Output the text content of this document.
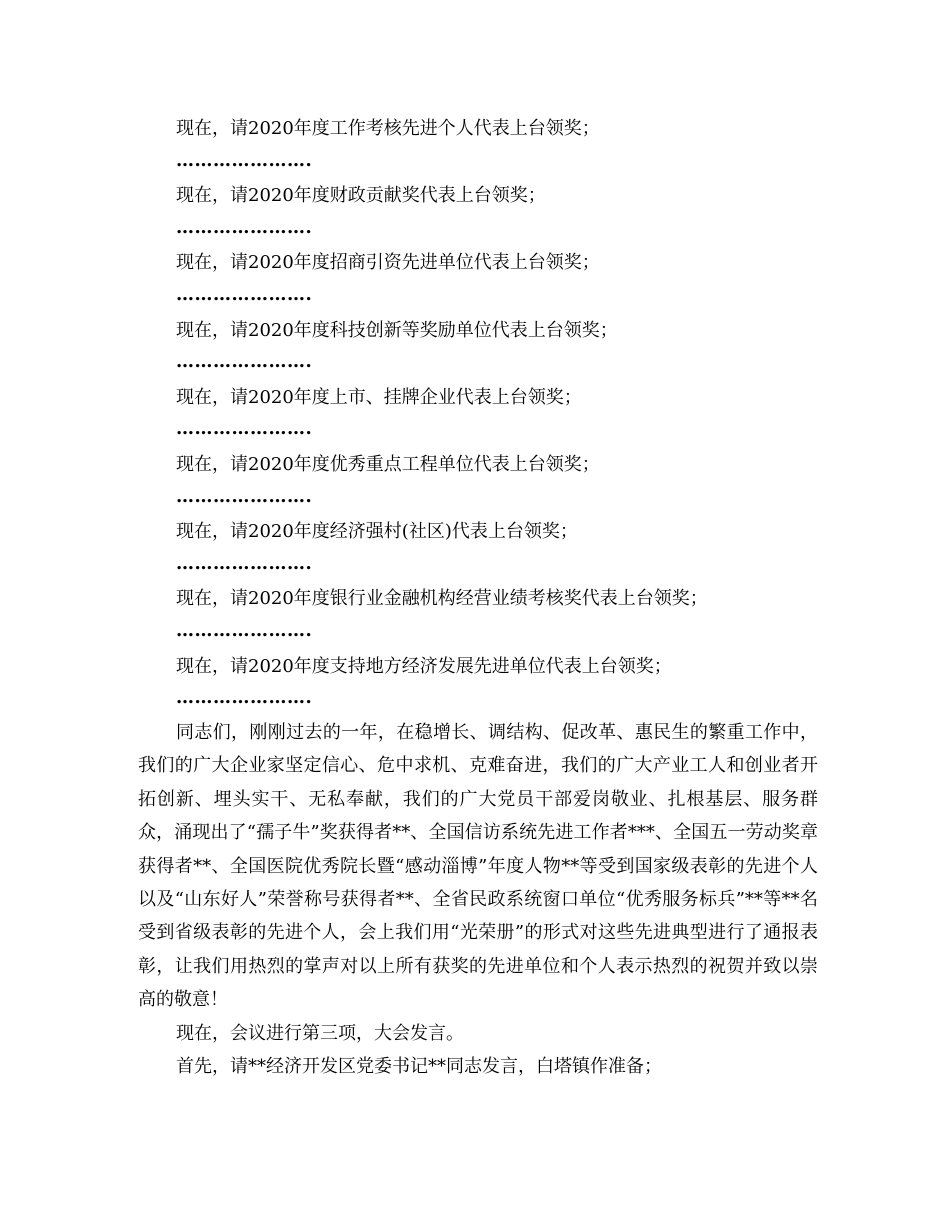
现在，请2020年度工作考核先进个人代表上台领奖；
………………….
现在，请2020年度财政贡献奖代表上台领奖；
………………….
现在，请2020年度招商引资先进单位代表上台领奖；
………………….
现在，请2020年度科技创新等奖励单位代表上台领奖；
………………….
现在，请2020年度上市、挂牌企业代表上台领奖；
………………….
现在，请2020年度优秀重点工程单位代表上台领奖；
………………….
现在，请2020年度经济强村(社区)代表上台领奖；
………………….
现在，请2020年度银行业金融机构经营业绩考核奖代表上台领奖；
………………….
现在，请2020年度支持地方经济发展先进单位代表上台领奖；
………………….

同志们，刚刚过去的一年，在稳增长、调结构、促改革、惠民生的繁重工作中，我们的广大企业家坚定信心、危中求机、克难奋进，我们的广大产业工人和创业者开拓创新、埋头实干、无私奉献，我们的广大党员干部爱岗敬业、扎根基层、服务群众，涌现出了“孺子牛”奖获得者**、全国信访系统先进工作者***、全国五一劳动奖章获得者**、全国医院优秀院长暨“感动淄博”年度人物**等受到国家级表彰的先进个人以及“山东好人”荣誉称号获得者**、全省民政系统窗口单位“优秀服务标兵”**等**名受到省级表彰的先进个人，会上我们用“光荣册”的形式对这些先进典型进行了通报表彰，让我们用热烈的掌声对以上所有获奖的先进单位和个人表示热烈的祝贺并致以崇高的敬意！

现在，会议进行第三项，大会发言。

首先，请**经济开发区党委书记**同志发言，白塔镇作准备；
